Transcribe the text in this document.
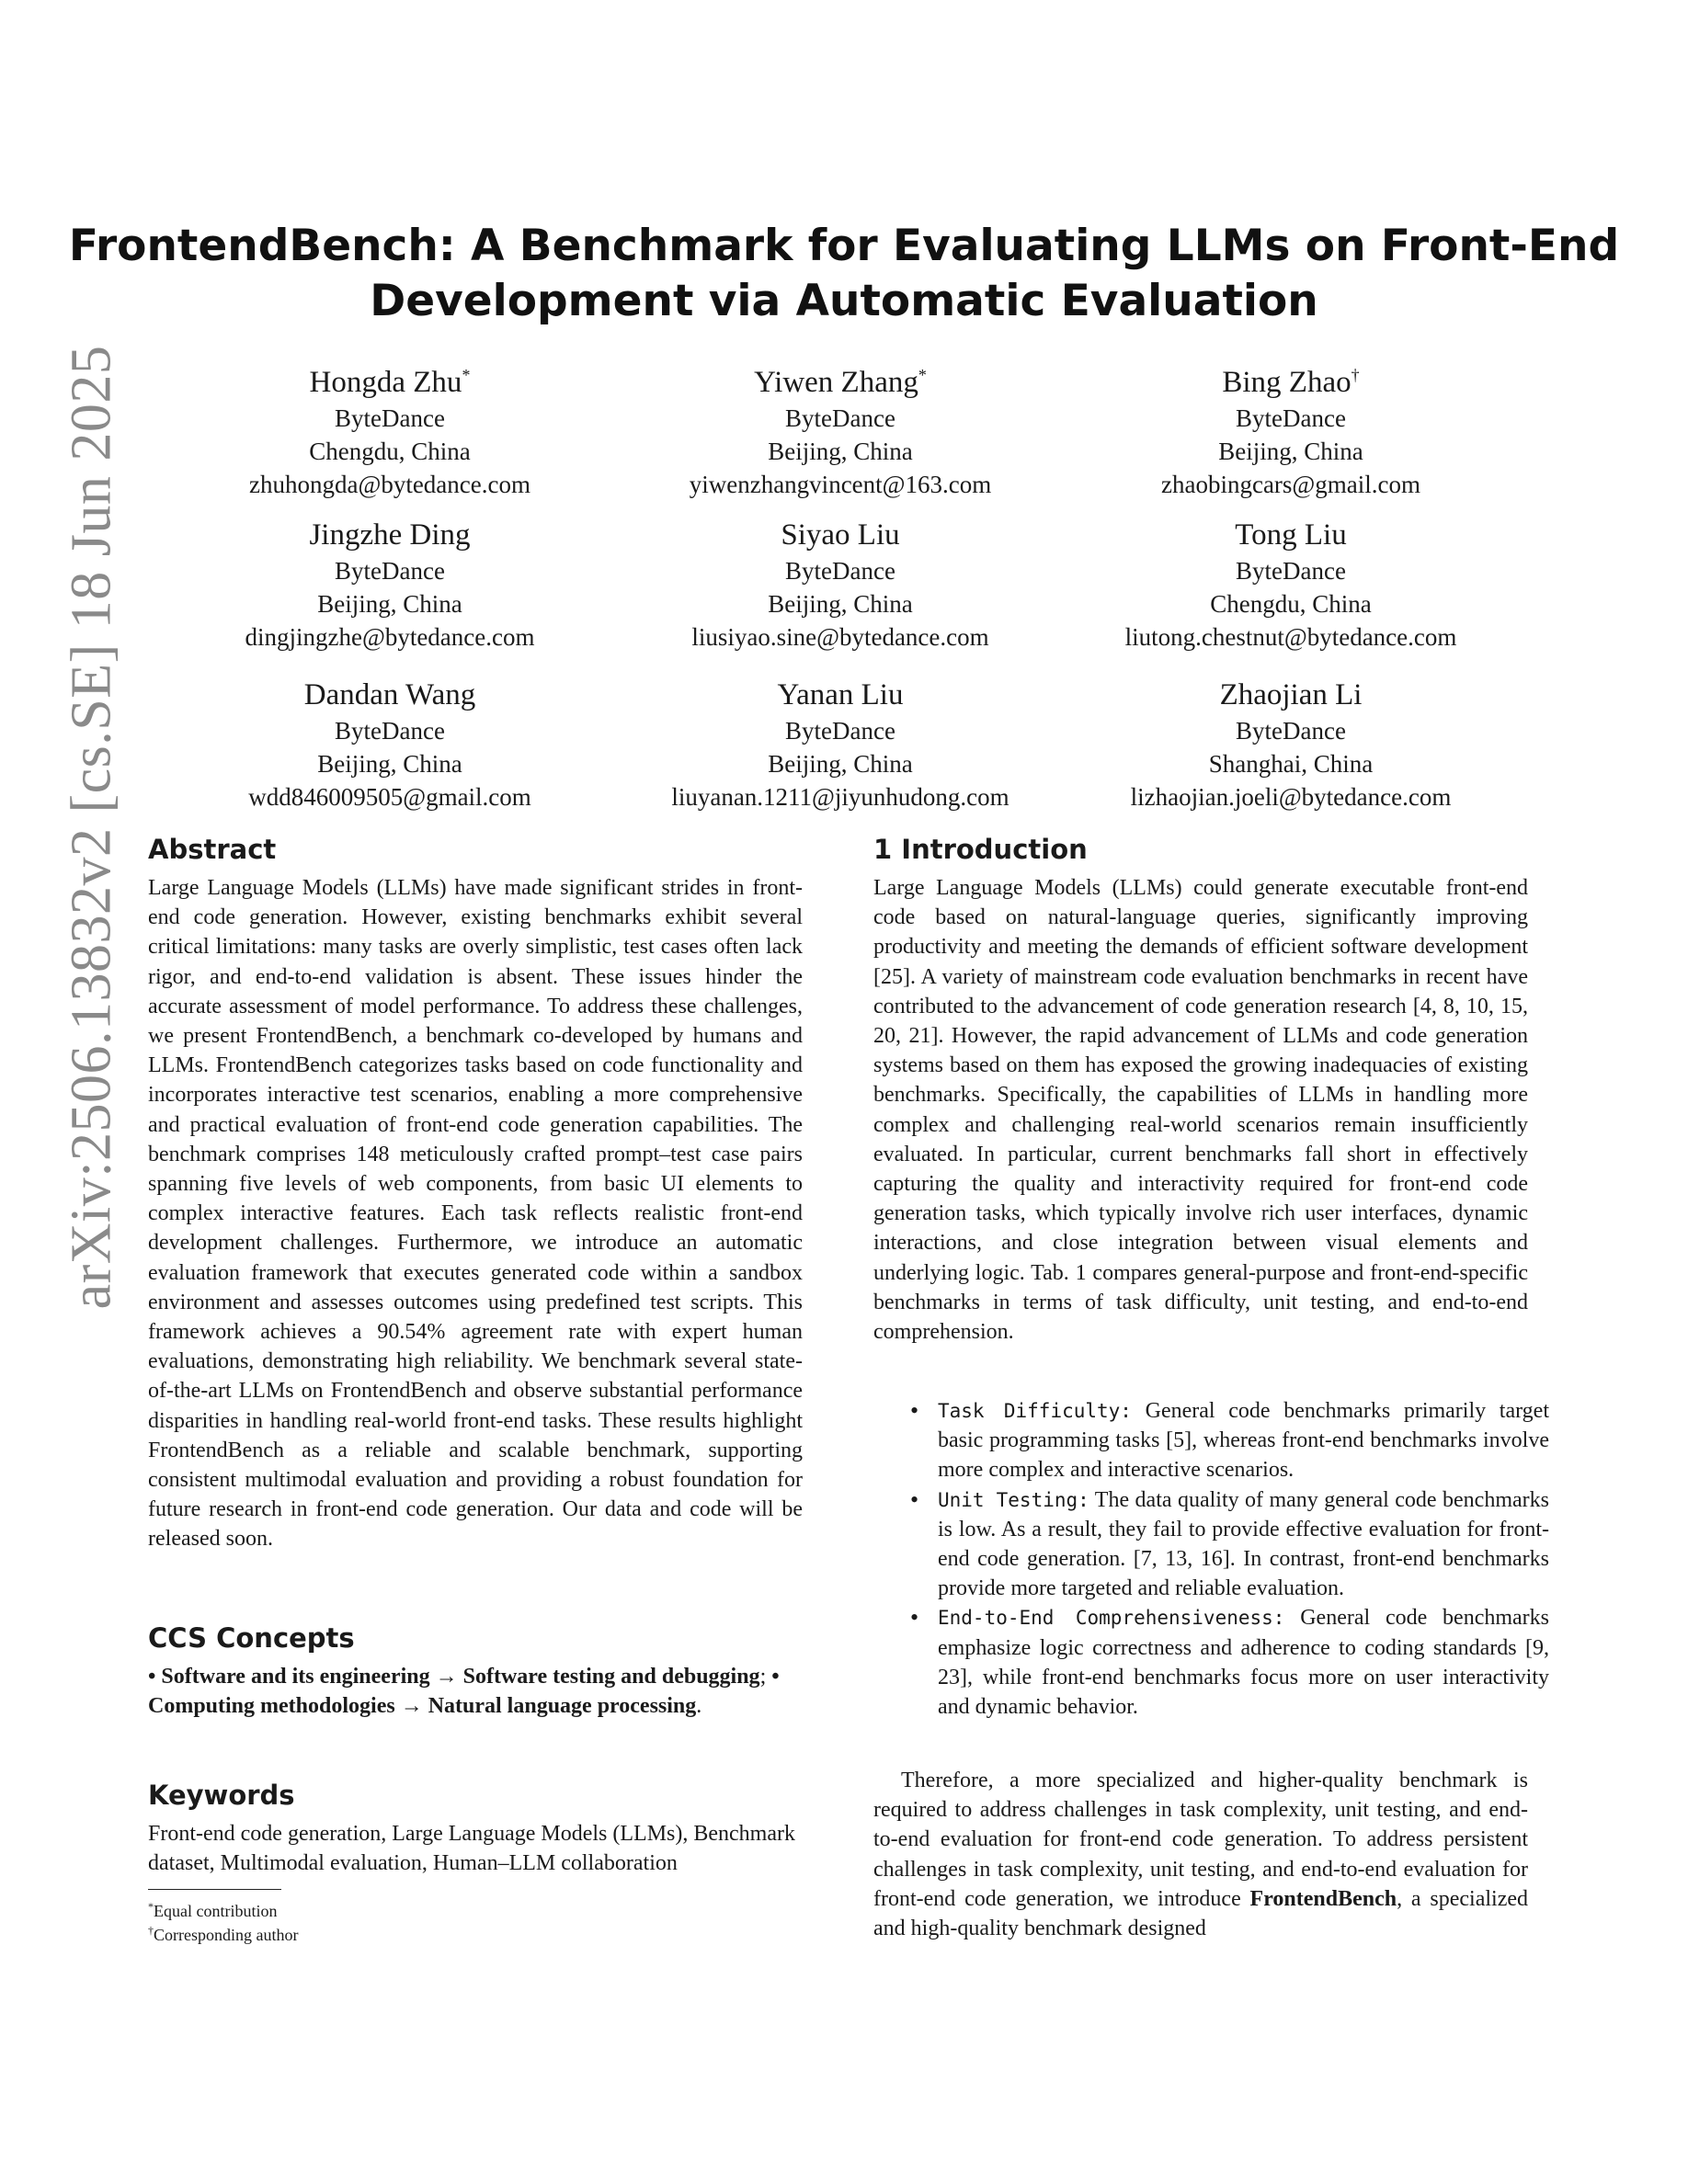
arXiv:2506.13832v2 [cs.SE] 18 Jun 2025
FrontendBench: A Benchmark for Evaluating LLMs on Front-End
Development via Automatic Evaluation
Hongda Zhu*
ByteDance
Chengdu, China
zhuhongda@bytedance.com
Yiwen Zhang*
ByteDance
Beijing, China
yiwenzhangvincent@163.com
Bing Zhao†
ByteDance
Beijing, China
zhaobingcars@gmail.com
Jingzhe Ding
ByteDance
Beijing, China
dingjingzhe@bytedance.com
Siyao Liu
ByteDance
Beijing, China
liusiyao.sine@bytedance.com
Tong Liu
ByteDance
Chengdu, China
liutong.chestnut@bytedance.com
Dandan Wang
ByteDance
Beijing, China
wdd846009505@gmail.com
Yanan Liu
ByteDance
Beijing, China
liuyanan.1211@jiyunhudong.com
Zhaojian Li
ByteDance
Shanghai, China
lizhaojian.joeli@bytedance.com
Abstract
Large Language Models (LLMs) have made significant strides in front-end code generation. However, existing benchmarks exhibit several critical limitations: many tasks are overly simplistic, test cases often lack rigor, and end-to-end validation is absent. These issues hinder the accurate assessment of model performance. To address these challenges, we present FrontendBench, a benchmark co-developed by humans and LLMs. FrontendBench categorizes tasks based on code functionality and incorporates interactive test scenarios, enabling a more comprehensive and practical evaluation of front-end code generation capabilities. The benchmark comprises 148 meticulously crafted prompt–test case pairs spanning five levels of web components, from basic UI elements to complex interactive features. Each task reflects realistic front-end development challenges. Furthermore, we introduce an automatic evaluation framework that executes generated code within a sandbox environment and assesses outcomes using predefined test scripts. This framework achieves a 90.54% agreement rate with expert human evaluations, demonstrating high reliability. We benchmark several state-of-the-art LLMs on FrontendBench and observe substantial performance disparities in handling real-world front-end tasks. These results highlight FrontendBench as a reliable and scalable benchmark, supporting consistent multimodal evaluation and providing a robust foundation for future research in front-end code generation. Our data and code will be released soon.
CCS Concepts
• Software and its engineering → Software testing and debugging; • Computing methodologies → Natural language processing.
Keywords
Front-end code generation, Large Language Models (LLMs), Benchmark dataset, Multimodal evaluation, Human–LLM collaboration
*Equal contribution
†Corresponding author
1 Introduction
Large Language Models (LLMs) could generate executable front-end code based on natural-language queries, significantly improving productivity and meeting the demands of efficient software development [25]. A variety of mainstream code evaluation benchmarks in recent have contributed to the advancement of code generation research [4, 8, 10, 15, 20, 21]. However, the rapid advancement of LLMs and code generation systems based on them has exposed the growing inadequacies of existing benchmarks. Specifically, the capabilities of LLMs in handling more complex and challenging real-world scenarios remain insufficiently evaluated. In particular, current benchmarks fall short in effectively capturing the quality and interactivity required for front-end code generation tasks, which typically involve rich user interfaces, dynamic interactions, and close integration between visual elements and underlying logic. Tab. 1 compares general-purpose and front-end-specific benchmarks in terms of task difficulty, unit testing, and end-to-end comprehension.
• Task Difficulty: General code benchmarks primarily target basic programming tasks [5], whereas front-end benchmarks involve more complex and interactive scenarios.
• Unit Testing: The data quality of many general code benchmarks is low. As a result, they fail to provide effective evaluation for front-end code generation. [7, 13, 16]. In contrast, front-end benchmarks provide more targeted and reliable evaluation.
• End-to-End Comprehensiveness: General code benchmarks emphasize logic correctness and adherence to coding standards [9, 23], while front-end benchmarks focus more on user interactivity and dynamic behavior.
Therefore, a more specialized and higher-quality benchmark is required to address challenges in task complexity, unit testing, and end-to-end evaluation for front-end code generation. To address persistent challenges in task complexity, unit testing, and end-to-end evaluation for front-end code generation, we introduce FrontendBench, a specialized and high-quality benchmark designed
